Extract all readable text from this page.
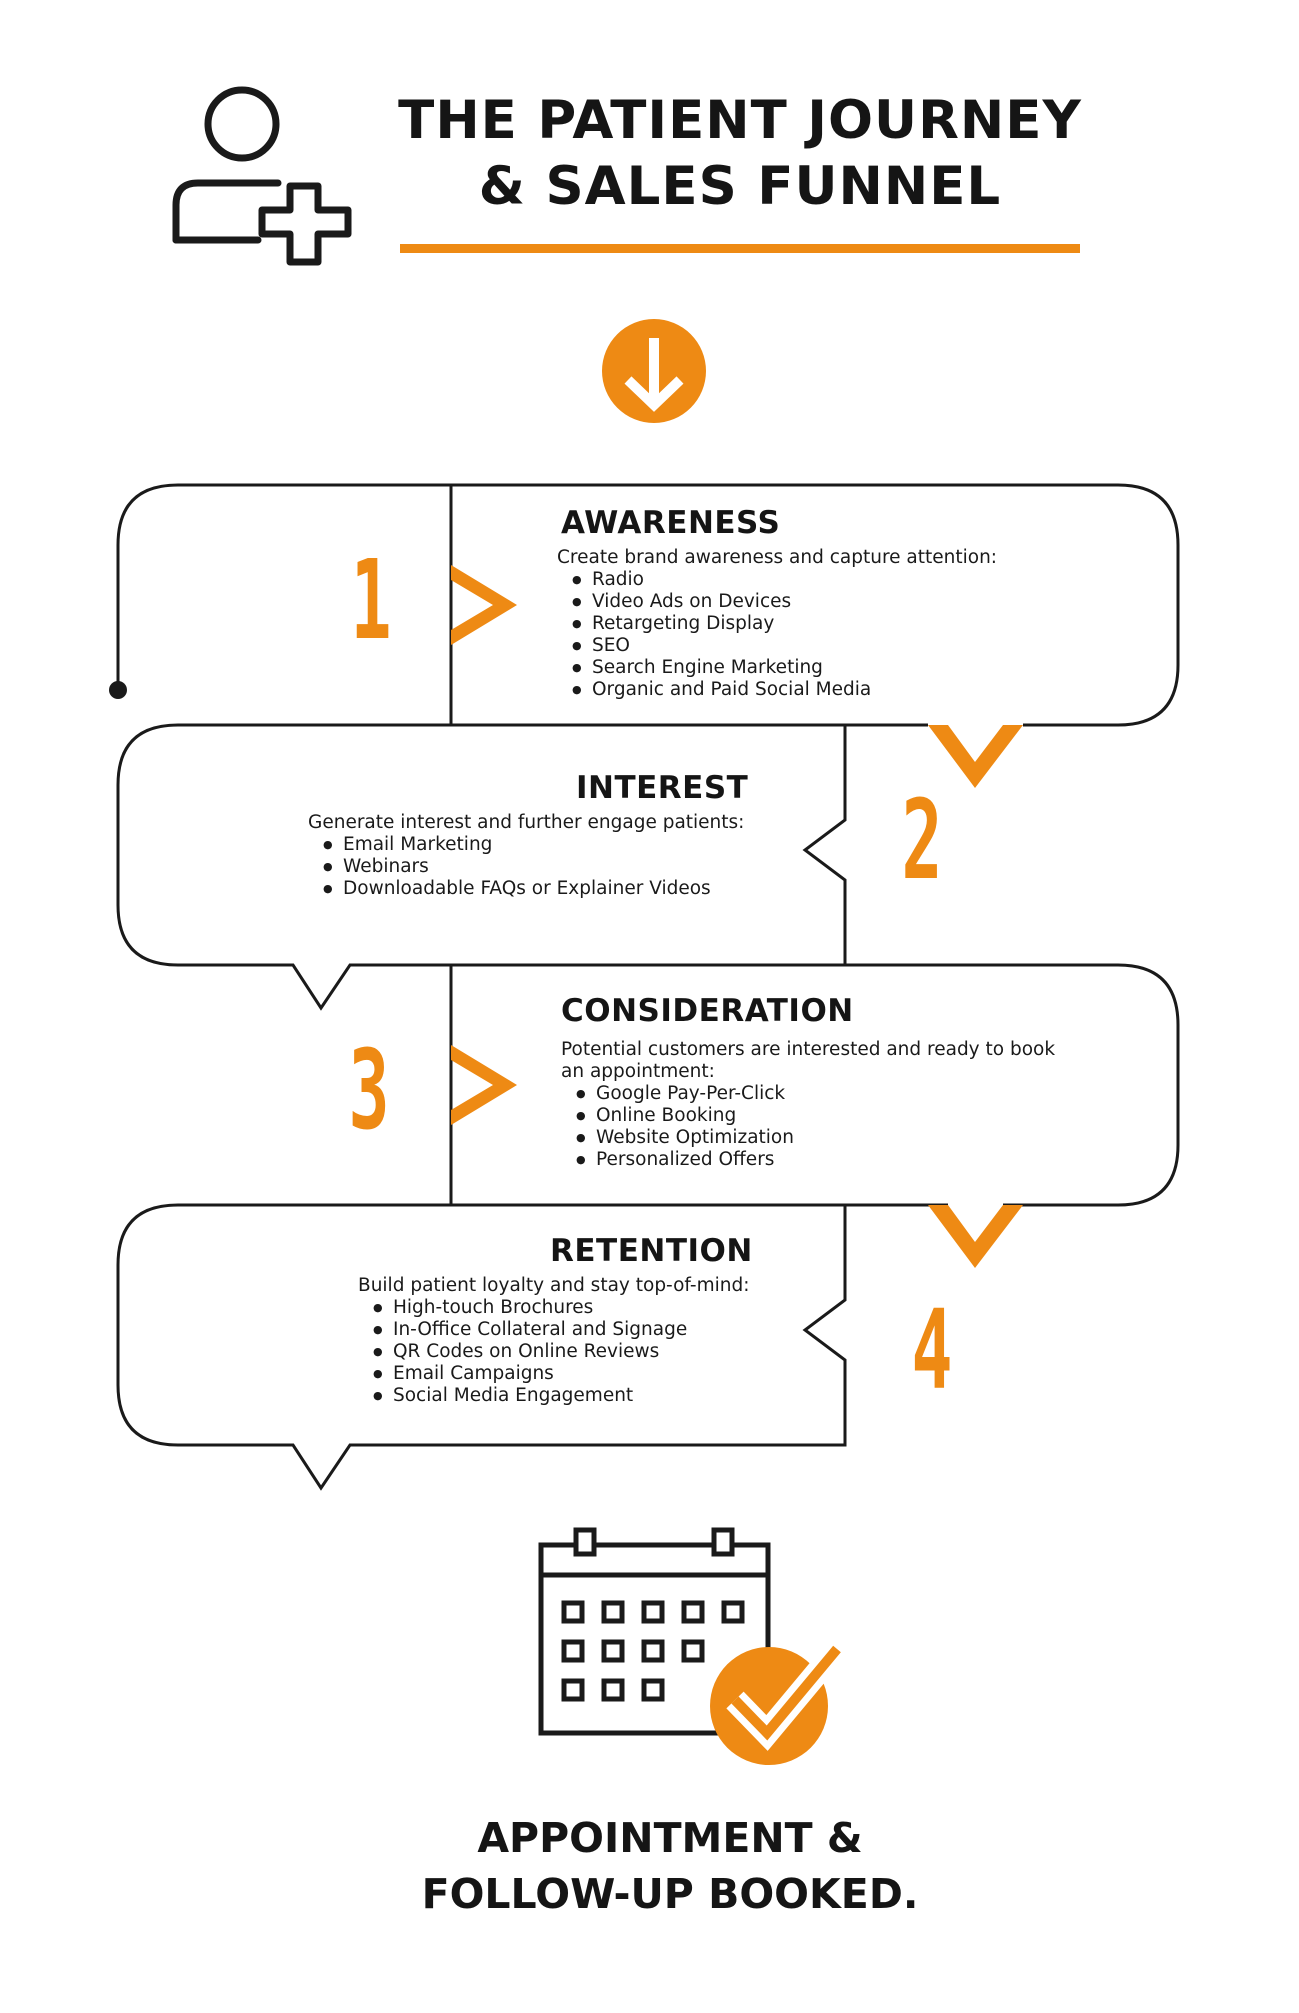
THE PATIENT JOURNEY
& SALES FUNNEL
1
2
3
4
AWARENESS

Create brand awareness and capture attention:

● Radio
● Video Ads on Devices
● Retargeting Display
● SEO
● Search Engine Marketing
● Organic and Paid Social Media
INTEREST

Generate interest and further engage patients:

● Email Marketing
● Webinars
● Downloadable FAQs or Explainer Videos
CONSIDERATION

Potential customers are interested and ready to book an appointment:

● Google Pay-Per-Click
● Online Booking
● Website Optimization
● Personalized Offers
RETENTION

Build patient loyalty and stay top-of-mind:

● High-touch Brochures
● In-Office Collateral and Signage
● QR Codes on Online Reviews
● Email Campaigns
● Social Media Engagement
APPOINTMENT &
FOLLOW-UP BOOKED.
